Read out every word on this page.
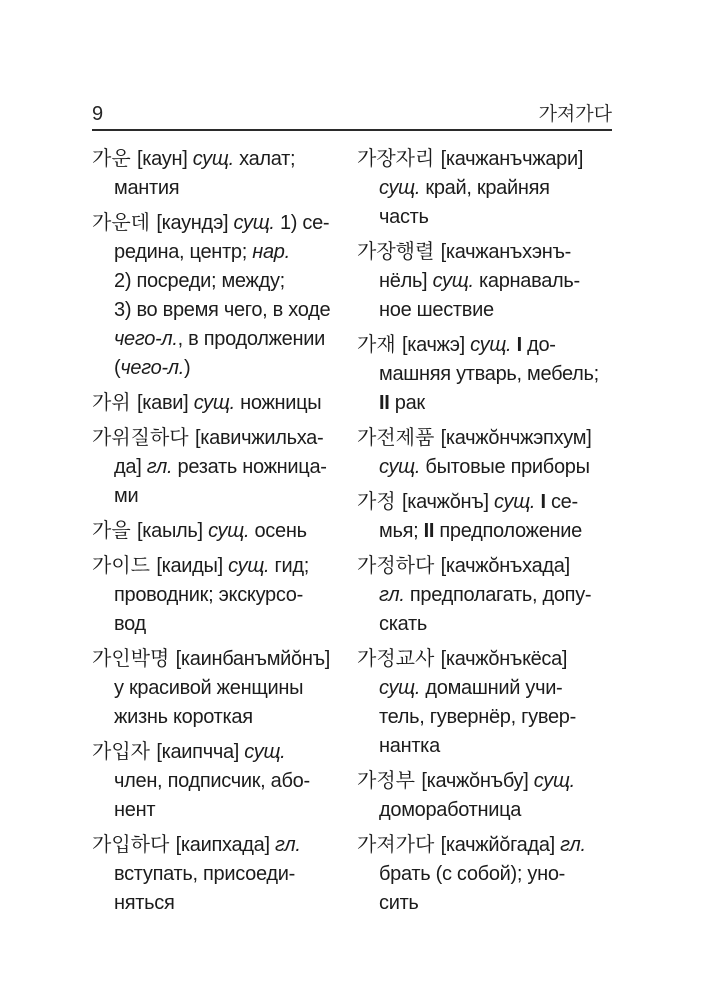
9	가져가다

가운 [каун] сущ. халат;
мантия

가운데 [каундэ] сущ. 1) се-
редина, центр; нар.
2) посреди; между;
3) во время чего, в ходе
чего-л., в продолжении
(чего-л.)

가위 [кави] сущ. ножницы

가위질하다 [кавичжильха-
да] гл. резать ножница-
ми

가을 [каыль] сущ. осень

가이드 [каиды] сущ. гид;
проводник; экскурсо-
вод

가인박명 [каинбанъмйŏнъ]
у красивой женщины
жизнь короткая

가입자 [каипчча] сущ.
член, подписчик, або-
нент

가입하다 [каипхада] гл.
вступать, присоеди-
няться

가장자리 [качжанъчжари]
сущ. край, крайняя
часть

가장행렬 [качжанъхэнъ-
нёль] сущ. карнаваль-
ное шествие

가재 [качжэ] сущ. I до-
машняя утварь, мебель;
II рак

가전제품 [качжŏнчжэпхум]
сущ. бытовые приборы

가정 [качжŏнъ] сущ. I се-
мья; II предположение

가정하다 [качжŏнъхада]
гл. предполагать, допу-
скать

가정교사 [качжŏнъкёса]
сущ. домашний учи-
тель, гувернёр, гувер-
нантка

가정부 [качжŏнъбу] сущ.
домоработница

가져가다 [качжйŏгада] гл.
брать (с собой); уно-
сить
